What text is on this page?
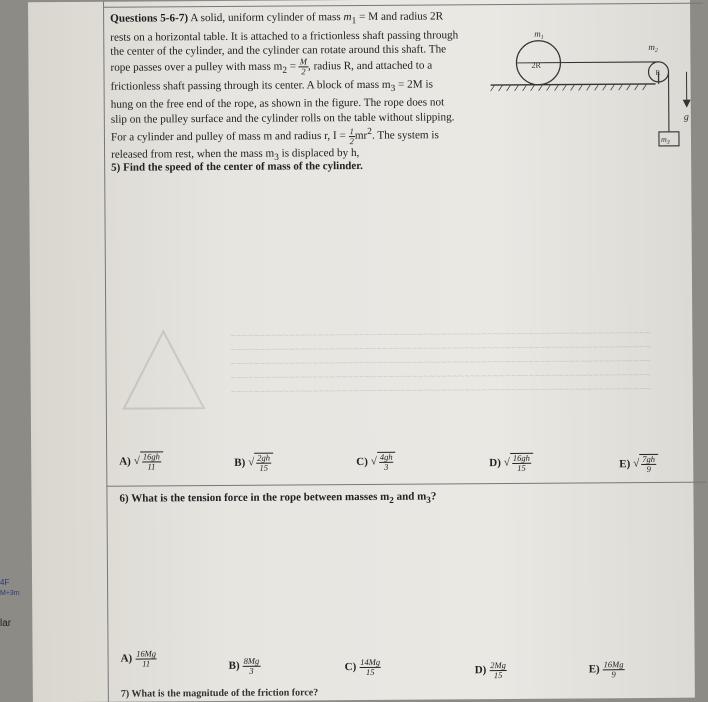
~~~~~~~~~~~~~~~~~~~~~~~~~~~~~~~~~~~~~~~~~~~~~~~~~~~~~~~~~~~~~~~~~~~~~~~~
~~~~~~~~~~~~~~~~~~~~~~~~~~~~~~~~~~~~~~~~~~~~~~~~~~~~~~~~~~~~~~~~~~~~~~~~
~~~~~~~~~~~~~~~~~~~~~~~~~~~~~~~~~~~~~~~~~~~~~~~~~~~~~~~~~~~~~~~~~~~~~~~~
~~~~~~~~~~~~~~~~~~~~~~~~~~~~~~~~~~~~~~~~~~~~~~~~~~~~~~~~~~~~~~~~~~~~~~~~
~~~~~~~~~~~~~~~~~~~~~~~~~~~~~~~~~~~~~~~~~~~~~~~~~~~~~~~~~~~~~~~~~~~~~~~~
Questions 5-6-7) A solid, uniform cylinder of mass $m_1 = M$ and radius 2R
rests on a horizontal table. It is attached to a frictionless shaft passing through
the center of the cylinder, and the cylinder can rotate around this shaft. The
rope passes over a pulley with mass $m_2 = \frac{M}{2}$ , radius R, and attached to a
frictionless shaft passing through its center. A block of mass $m_3 = 2M$ is
hung on the free end of the rope, as shown in the figure. The rope does not
slip on the pulley surface and the cylinder rolls on the table without slipping.
For a cylinder and pulley of mass m and radius r, $I = \frac{1}{2} mr^2$. The system is
released from rest, when the mass $m_3$ is displaced by h,
5) Find the speed of the center of mass of the cylinder.
2R
$m_1$
$m_2$
R
$m_3$
g
A) √ $\frac{16gh}{11}$	B) √ $\frac{2gh}{15}$	C) √ $\frac{4gh}{3}$	D) √ $\frac{16gh}{15}$	E) √ $\frac{7gh}{9}$
6) What is the tension force in the rope between masses $m_2$ and $m_3$?
$A) \frac{16Mg}{11}$	$B) \frac{8Mg}{3}$	$C) \frac{14Mg}{15}$	$D) \frac{2Mg}{15}$	$E) \frac{16Mg}{9}$
7) What is the magnitude of the friction force?
4F
M+3m
lar
